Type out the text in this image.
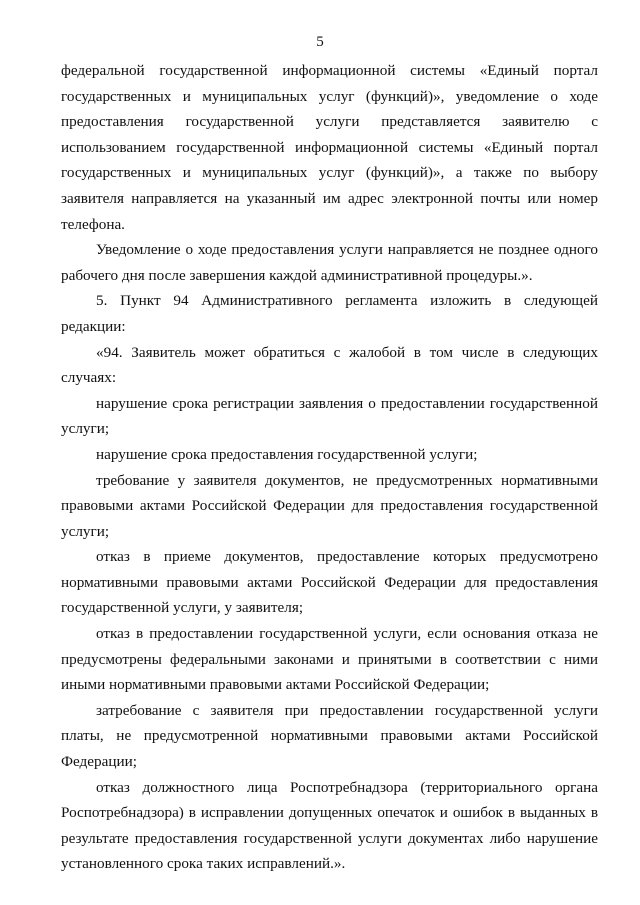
5

федеральной государственной информационной системы «Единый портал государственных и муниципальных услуг (функций)», уведомление о ходе предоставления государственной услуги представляется заявителю с использованием государственной информационной системы «Единый портал государственных и муниципальных услуг (функций)», а также по выбору заявителя направляется на указанный им адрес электронной почты или номер телефона.

Уведомление о ходе предоставления услуги направляется не позднее одного рабочего дня после завершения каждой административной процедуры.».

5. Пункт 94 Административного регламента изложить в следующей редакции:

«94. Заявитель может обратиться с жалобой в том числе в следующих случаях:

нарушение срока регистрации заявления о предоставлении государственной услуги;

нарушение срока предоставления государственной услуги;

требование у заявителя документов, не предусмотренных нормативными правовыми актами Российской Федерации для предоставления государственной услуги;

отказ в приеме документов, предоставление которых предусмотрено нормативными правовыми актами Российской Федерации для предоставления государственной услуги, у заявителя;

отказ в предоставлении государственной услуги, если основания отказа не предусмотрены федеральными законами и принятыми в соответствии с ними иными нормативными правовыми актами Российской Федерации;

затребование с заявителя при предоставлении государственной услуги платы, не предусмотренной нормативными правовыми актами Российской Федерации;

отказ должностного лица Роспотребнадзора (территориального органа Роспотребнадзора) в исправлении допущенных опечаток и ошибок в выданных в результате предоставления государственной услуги документах либо нарушение установленного срока таких исправлений.».
